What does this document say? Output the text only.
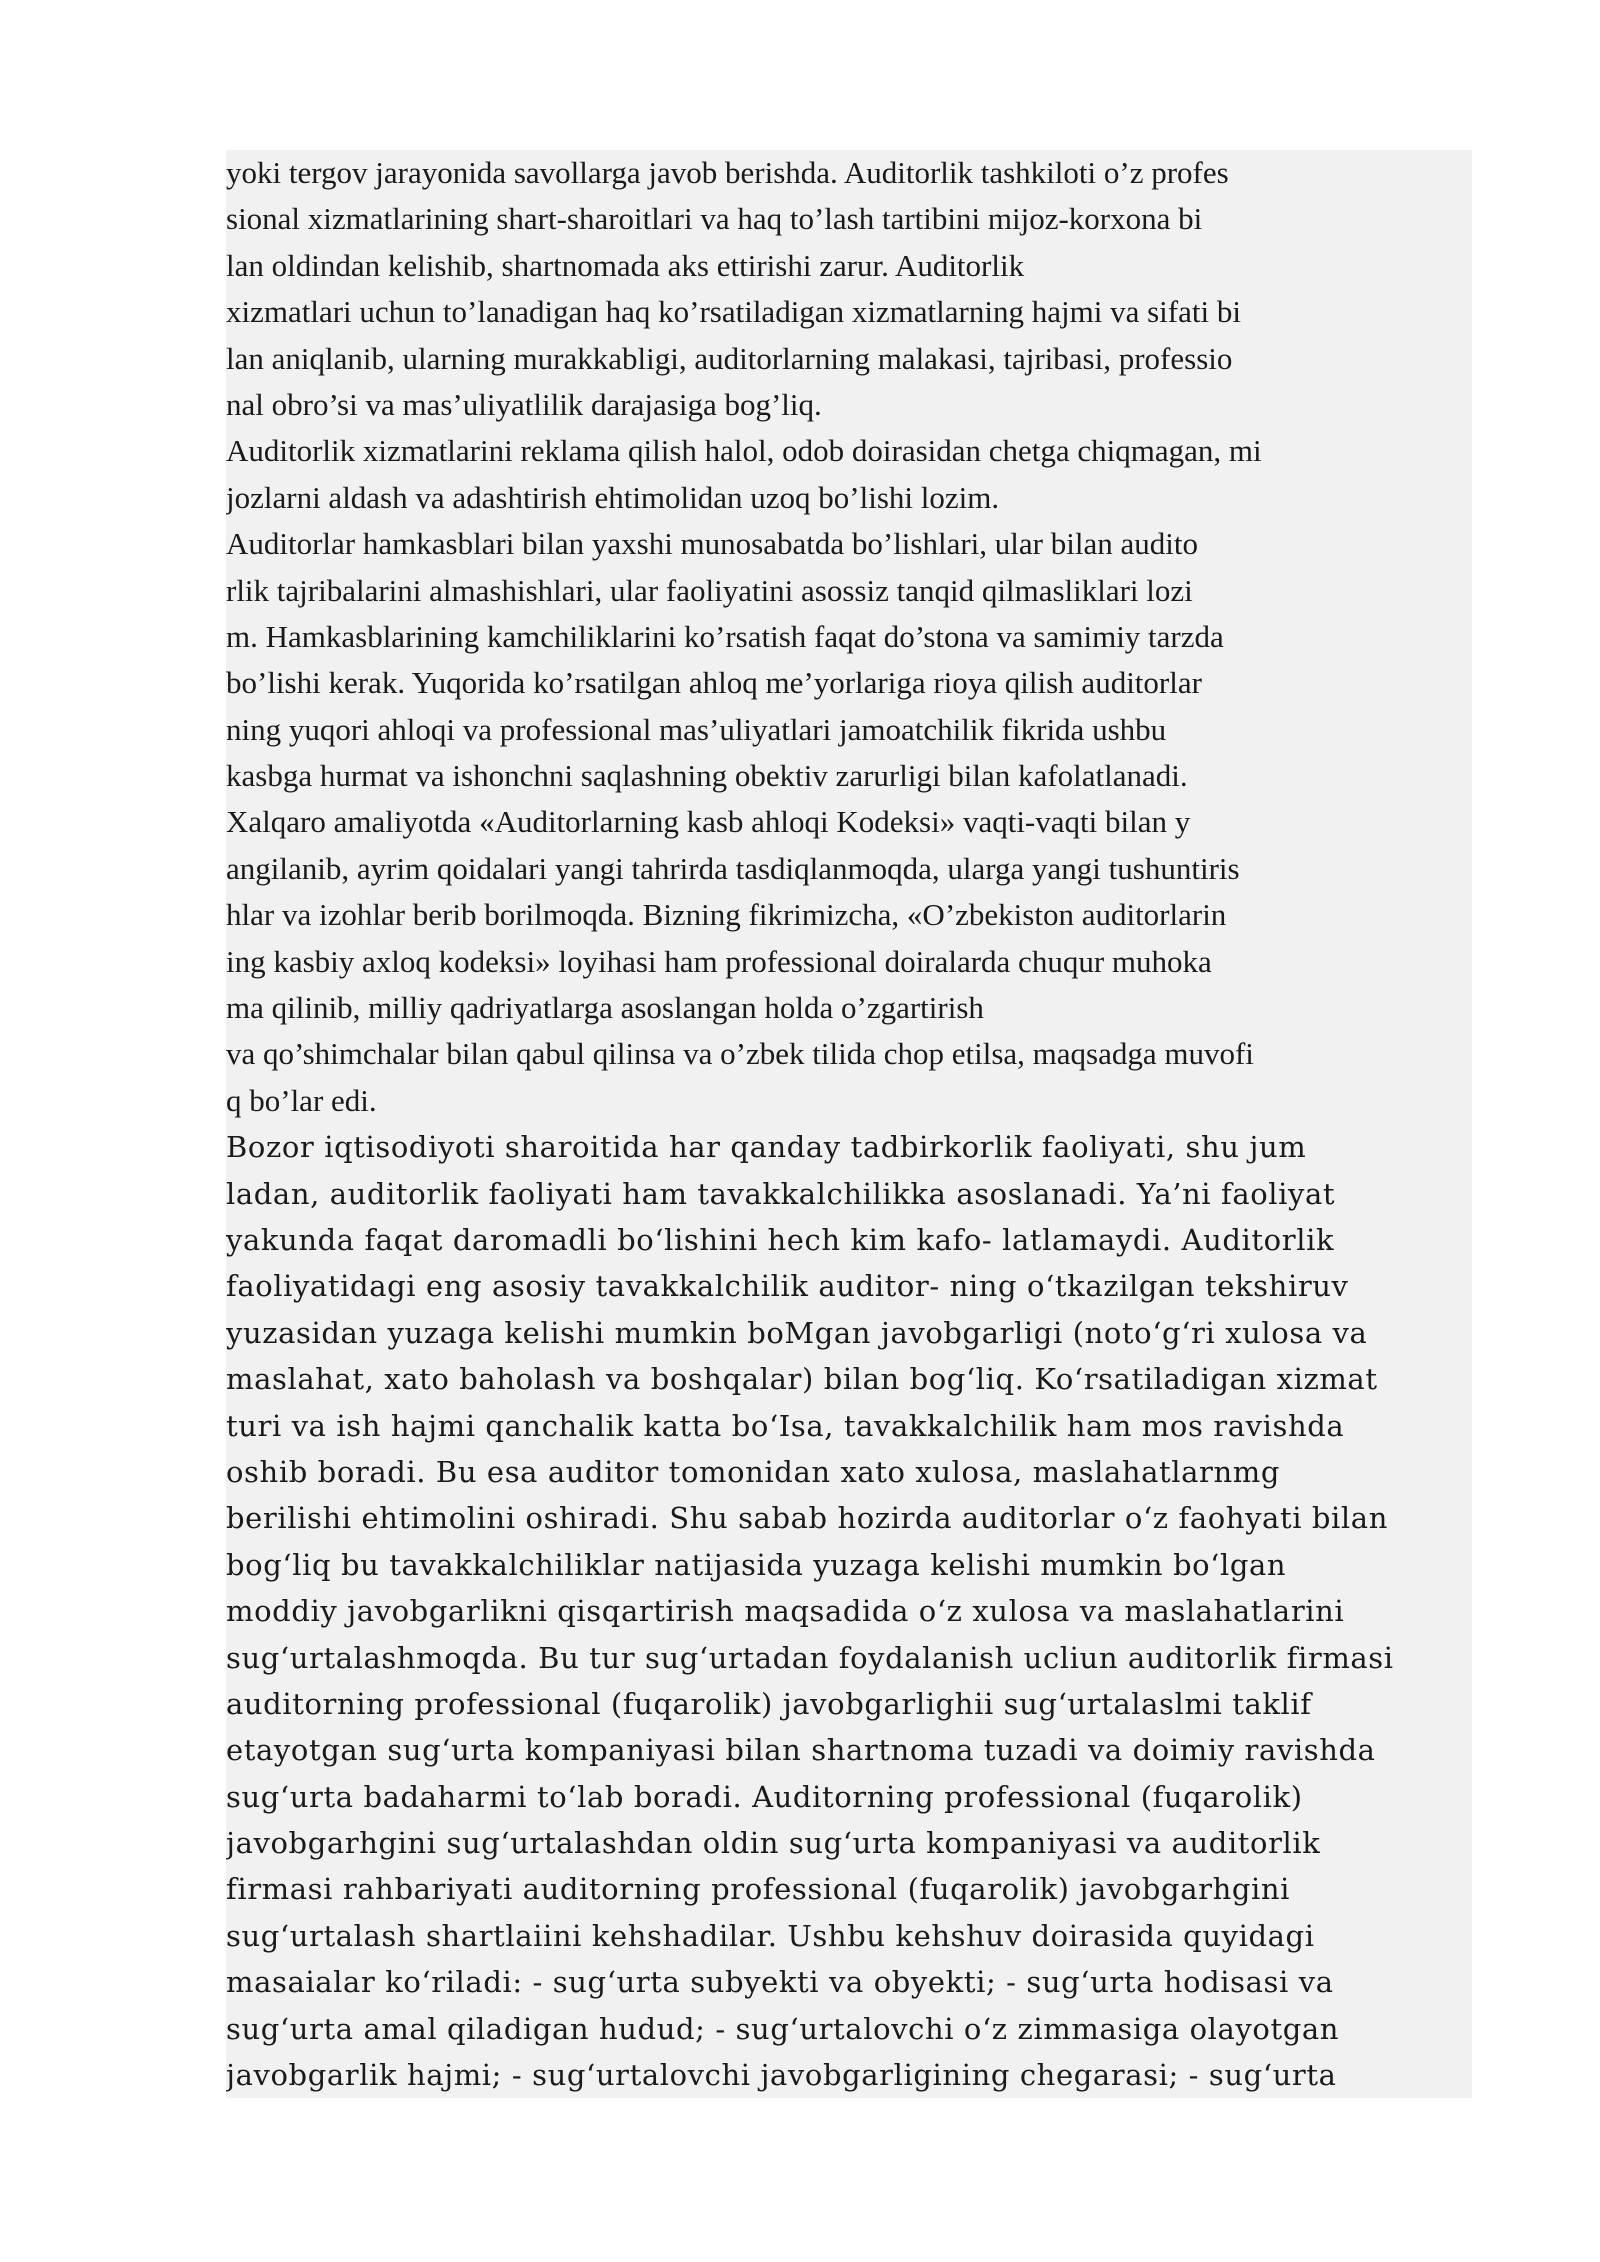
yoki tergov jarayonida savollarga javob berishda. Auditorlik tashkiloti o’z profes
sional xizmatlarining shart-sharoitlari va haq to’lash tartibini mijoz-korxona bi
lan oldindan kelishib, shartnomada aks ettirishi zarur. Auditorlik
xizmatlari uchun to’lanadigan haq ko’rsatiladigan xizmatlarning hajmi va sifati bi
lan aniqlanib, ularning murakkabligi, auditorlarning malakasi, tajribasi, professio
nal obro’si va mas’uliyatlilik darajasiga bog’liq.
Auditorlik xizmatlarini reklama qilish halol, odob doirasidan chetga chiqmagan, mi
jozlarni aldash va adashtirish ehtimolidan uzoq bo’lishi lozim.
Auditorlar hamkasblari bilan yaxshi munosabatda bo’lishlari, ular bilan audito
rlik tajribalarini almashishlari, ular faoliyatini asossiz tanqid qilmasliklari lozi
m. Hamkasblarining kamchiliklarini ko’rsatish faqat do’stona va samimiy tarzda
bo’lishi kerak. Yuqorida ko’rsatilgan ahloq me’yorlariga rioya qilish auditorlar
ning yuqori ahloqi va professional mas’uliyatlari jamoatchilik fikrida ushbu
kasbga hurmat va ishonchni saqlashning obektiv zarurligi bilan kafolatlanadi.
Xalqaro amaliyotda «Auditorlarning kasb ahloqi Kodeksi» vaqti-vaqti bilan y
angilanib, ayrim qoidalari yangi tahrirda tasdiqlanmoqda, ularga yangi tushuntiris
hlar va izohlar berib borilmoqda. Bizning fikrimizcha, «O’zbekiston auditorlarin
ing kasbiy axloq kodeksi» loyihasi ham professional doiralarda chuqur muhoka
ma qilinib, milliy qadriyatlarga asoslangan holda o’zgartirish
va qo’shimchalar bilan qabul qilinsa va o’zbek tilida chop etilsa, maqsadga muvofi
q bo’lar edi.
Bozor iqtisodiyoti sharoitida har qanday tadbirkorlik faoliyati, shu jum
ladan, auditorlik faoliyati ham tavakkalchilikka asoslanadi. Ya’ni faoliyat
yakunda faqat daromadli bo‘lishini hech kim kafo- latlamaydi. Auditorlik
faoliyatidagi eng asosiy tavakkalchilik auditor- ning o‘tkazilgan tekshiruv
yuzasidan yuzaga kelishi mumkin boMgan javobgarligi (noto‘g‘ri xulosa va
maslahat, xato baholash va boshqalar) bilan bog‘liq. Ko‘rsatiladigan xizmat
turi va ish hajmi qanchalik katta bo‘Isa, tavakkalchilik ham mos ravishda
oshib boradi. Bu esa auditor tomonidan xato xulosa, maslahatlarnmg
berilishi ehtimolini oshiradi. Shu sabab hozirda auditorlar o‘z faohyati bilan
bog‘liq bu tavakkalchiliklar natijasida yuzaga kelishi mumkin bo‘lgan
moddiy javobgarlikni qisqartirish maqsadida o‘z xulosa va maslahatlarini
sug‘urtalashmoqda. Bu tur sug‘urtadan foydalanish ucliun auditorlik firmasi
auditorning professional (fuqarolik) javobgarlighii sug‘urtalaslmi taklif
etayotgan sug‘urta kompaniyasi bilan shartnoma tuzadi va doimiy ravishda
sug‘urta badaharmi to‘lab boradi. Auditorning professional (fuqarolik)
javobgarhgini sug‘urtalashdan oldin sug‘urta kompaniyasi va auditorlik
firmasi rahbariyati auditorning professional (fuqarolik) javobgarhgini
sug‘urtalash shartlaiini kehshadilar. Ushbu kehshuv doirasida quyidagi
masaialar ko‘riladi: - sug‘urta subyekti va obyekti; - sug‘urta hodisasi va
sug‘urta amal qiladigan hudud; - sug‘urtalovchi o‘z zimmasiga olayotgan
javobgarlik hajmi; - sug‘urtalovchi javobgarligining chegarasi; - sug‘urta
